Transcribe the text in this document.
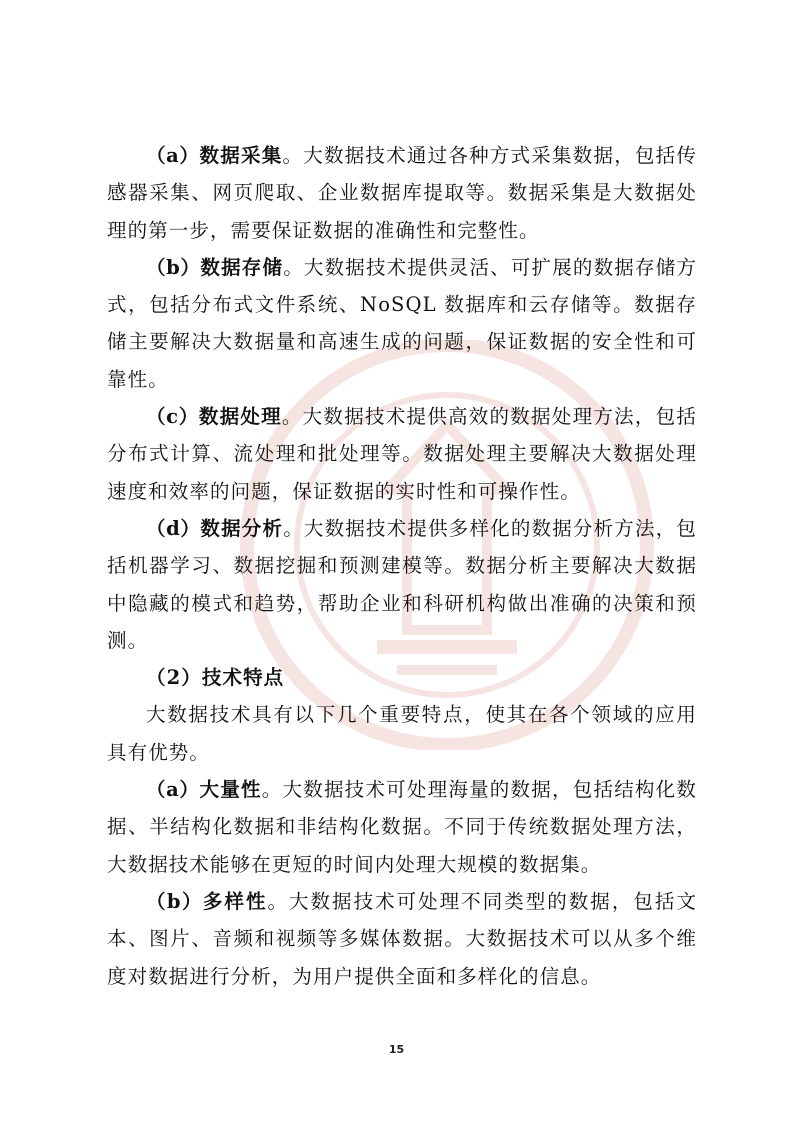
（a）数据采集。大数据技术通过各种方式采集数据，包括传感器采集、网页爬取、企业数据库提取等。数据采集是大数据处理的第一步，需要保证数据的准确性和完整性。

（b）数据存储。大数据技术提供灵活、可扩展的数据存储方式，包括分布式文件系统、NoSQL 数据库和云存储等。数据存储主要解决大数据量和高速生成的问题，保证数据的安全性和可靠性。

（c）数据处理。大数据技术提供高效的数据处理方法，包括分布式计算、流处理和批处理等。数据处理主要解决大数据处理速度和效率的问题，保证数据的实时性和可操作性。

（d）数据分析。大数据技术提供多样化的数据分析方法，包括机器学习、数据挖掘和预测建模等。数据分析主要解决大数据中隐藏的模式和趋势，帮助企业和科研机构做出准确的决策和预测。

（2）技术特点

大数据技术具有以下几个重要特点，使其在各个领域的应用具有优势。

（a）大量性。大数据技术可处理海量的数据，包括结构化数据、半结构化数据和非结构化数据。不同于传统数据处理方法，大数据技术能够在更短的时间内处理大规模的数据集。

（b）多样性。大数据技术可处理不同类型的数据，包括文本、图片、音频和视频等多媒体数据。大数据技术可以从多个维度对数据进行分析，为用户提供全面和多样化的信息。

15
